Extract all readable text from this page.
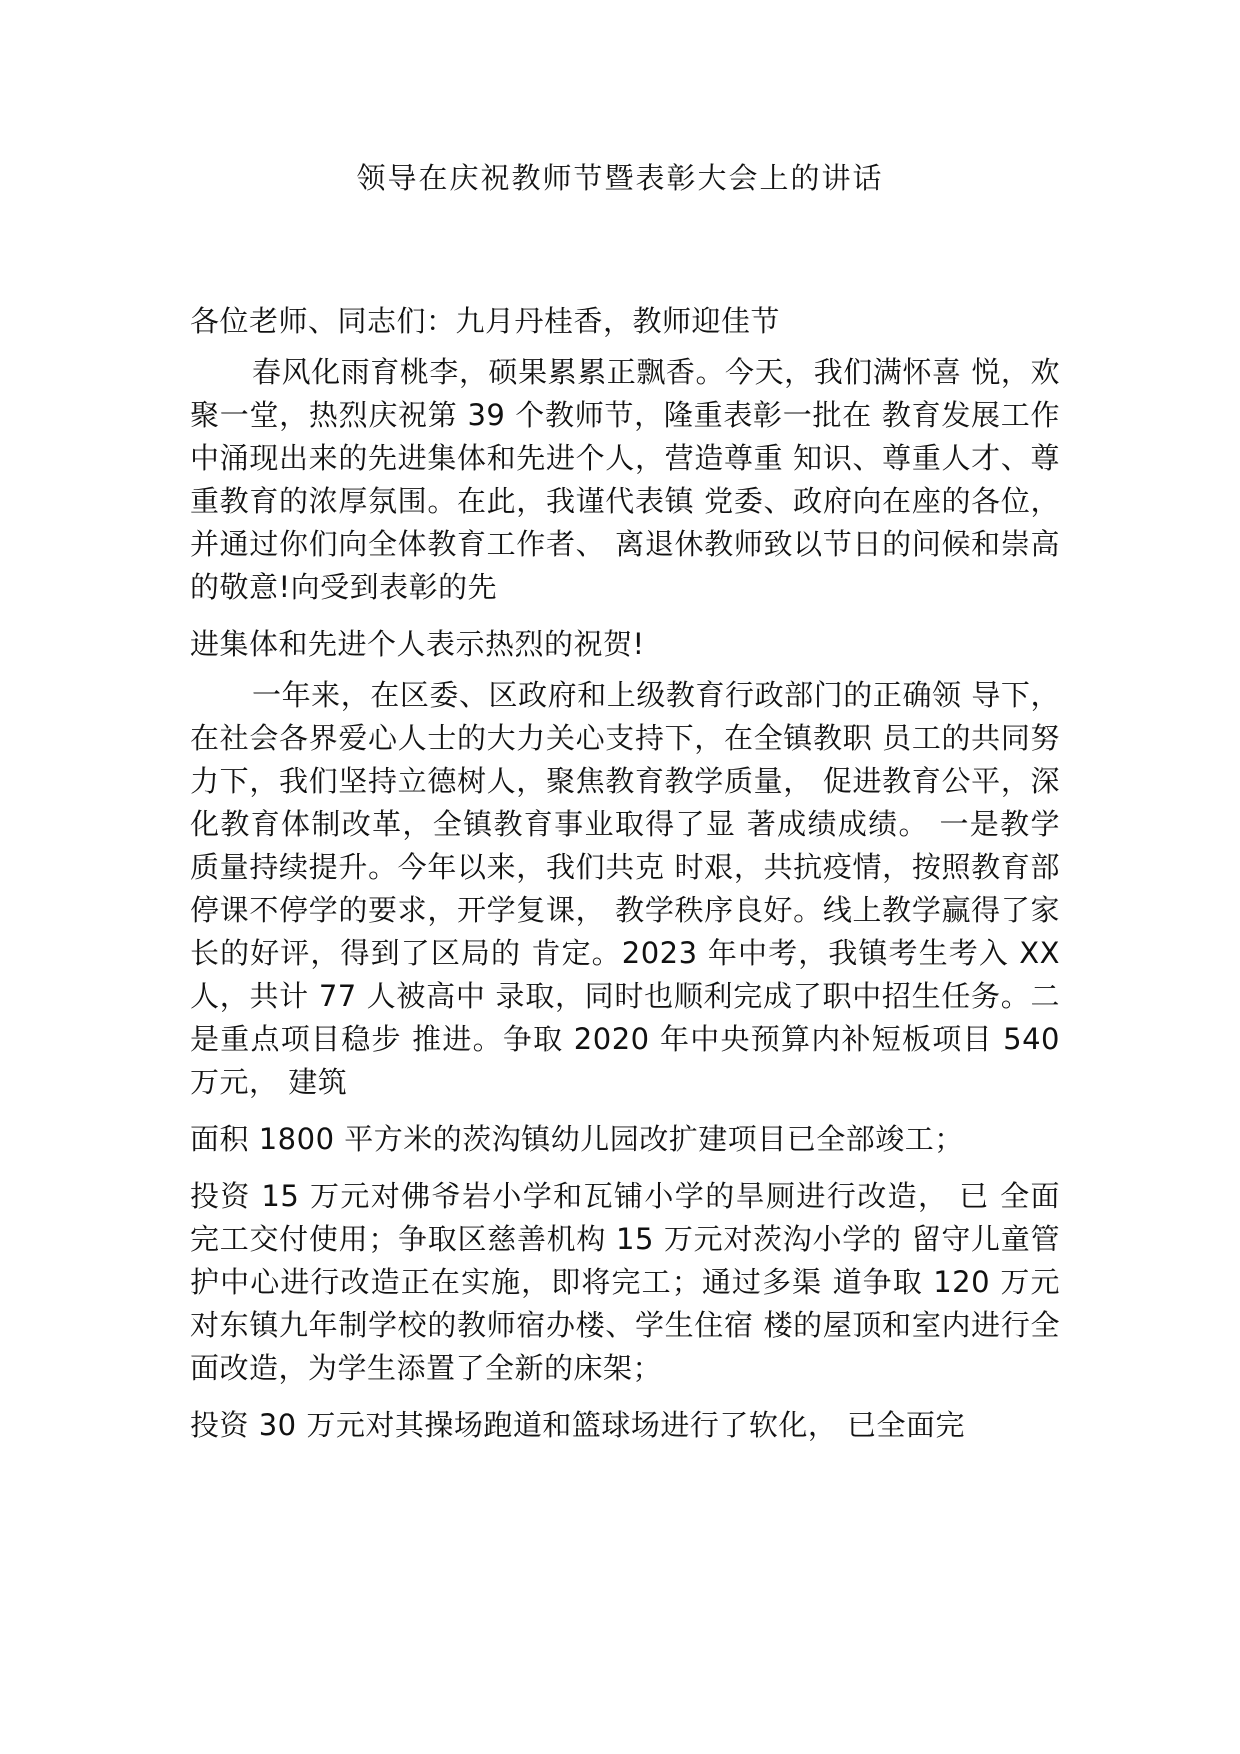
领导在庆祝教师节暨表彰大会上的讲话

各位老师、同志们：九月丹桂香，教师迎佳节

春风化雨育桃李，硕果累累正飘香。今天，我们满怀喜 悦，欢聚一堂，热烈庆祝第 39 个教师节，隆重表彰一批在 教育发展工作中涌现出来的先进集体和先进个人，营造尊重 知识、尊重人才、尊重教育的浓厚氛围。在此，我谨代表镇 党委、政府向在座的各位，并通过你们向全体教育工作者、 离退休教师致以节日的问候和崇高的敬意!向受到表彰的先

进集体和先进个人表示热烈的祝贺!

一年来，在区委、区政府和上级教育行政部门的正确领 导下，在社会各界爱心人士的大力关心支持下，在全镇教职 员工的共同努力下，我们坚持立德树人，聚焦教育教学质量， 促进教育公平，深化教育体制改革，全镇教育事业取得了显 著成绩成绩。 一是教学质量持续提升。今年以来，我们共克 时艰，共抗疫情，按照教育部停课不停学的要求，开学复课， 教学秩序良好。线上教学赢得了家长的好评，得到了区局的 肯定。2023 年中考，我镇考生考入 XX 人，共计 77 人被高中 录取，同时也顺利完成了职中招生任务。二是重点项目稳步 推进。争取 2020 年中央预算内补短板项目 540 万元， 建筑

面积 1800 平方米的茨沟镇幼儿园改扩建项目已全部竣工；

投资 15 万元对佛爷岩小学和瓦铺小学的旱厕进行改造， 已 全面完工交付使用；争取区慈善机构 15 万元对茨沟小学的 留守儿童管护中心进行改造正在实施，即将完工；通过多渠 道争取 120 万元对东镇九年制学校的教师宿办楼、学生住宿 楼的屋顶和室内进行全面改造，为学生添置了全新的床架；

投资 30 万元对其操场跑道和篮球场进行了软化， 已全面完
